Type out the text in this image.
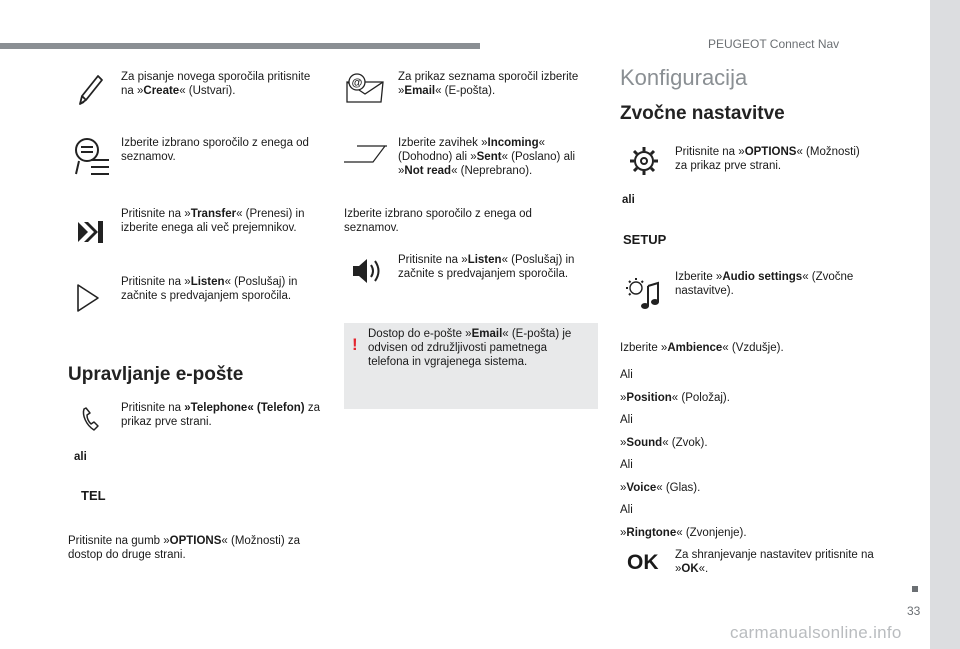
PEUGEOT Connect Nav
Za pisanje novega sporočila pritisnite na »Create« (Ustvari).
Izberite izbrano sporočilo z enega od seznamov.
Pritisnite na »Transfer« (Prenesi) in izberite enega ali več prejemnikov.
Pritisnite na »Listen« (Poslušaj) in začnite s predvajanjem sporočila.
Upravljanje e-pošte
Pritisnite na »Telephone« (Telefon) za prikaz prve strani.
ali
TEL
Pritisnite na gumb »OPTIONS« (Možnosti) za dostop do druge strani.
@	Za prikaz seznama sporočil izberite »Email« (E-pošta).
Izberite zavihek »Incoming« (Dohodno) ali »Sent« (Poslano) ali »Not read« (Neprebrano).
Izberite izbrano sporočilo z enega od seznamov.
Pritisnite na »Listen« (Poslušaj) in začnite s predvajanjem sporočila.
!
Dostop do e-pošte »Email« (E-pošta) je odvisen od združljivosti pametnega telefona in vgrajenega sistema.
Konfiguracija
Zvočne nastavitve
Pritisnite na »OPTIONS« (Možnosti) za prikaz prve strani.
ali
SETUP
Izberite »Audio settings« (Zvočne nastavitve).
Izberite »Ambience« (Vzdušje).
Ali
»Position« (Položaj).
Ali
»Sound« (Zvok).
Ali
»Voice« (Glas).
Ali
»Ringtone« (Zvonjenje).
OK Za shranjevanje nastavitev pritisnite na »OK«.
33
carmanualsonline.info
